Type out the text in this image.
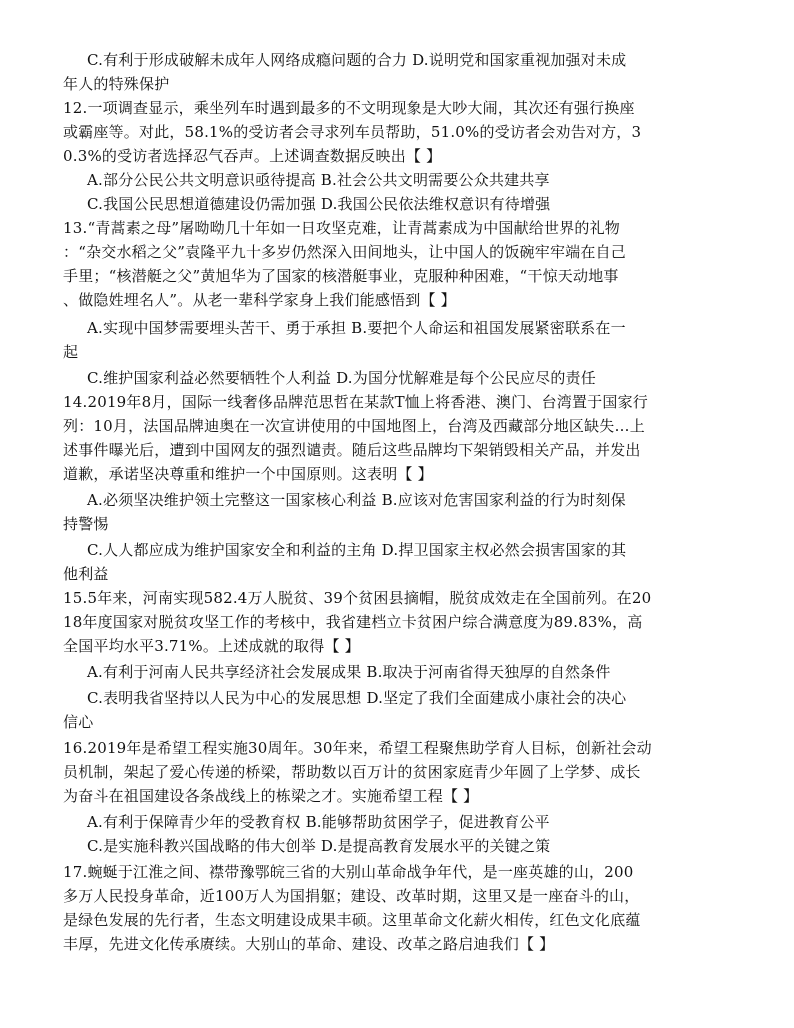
C.有利于形成破解未成年人网络成瘾问题的合力 D.说明党和国家重视加强对未成
年人的特殊保护
12.一项调查显示，乘坐列车时遇到最多的不文明现象是大吵大闹，其次还有强行换座
或霸座等。对此，58.1%的受访者会寻求列车员帮助，51.0%的受访者会劝告对方，3
0.3%的受访者选择忍气吞声。上述调查数据反映出【 】
A.部分公民公共文明意识亟待提高 B.社会公共文明需要公众共建共享
C.我国公民思想道德建设仍需加强 D.我国公民依法维权意识有待增强
13.“青蒿素之母”屠呦呦几十年如一日攻坚克难，让青蒿素成为中国献给世界的礼物
：“杂交水稻之父”袁隆平九十多岁仍然深入田间地头，让中国人的饭碗牢牢端在自己
手里；“核潜艇之父”黄旭华为了国家的核潜艇事业，克服种种困难，“干惊天动地事
、做隐姓埋名人”。从老一辈科学家身上我们能感悟到【 】
A.实现中国梦需要埋头苦干、勇于承担 B.要把个人命运和祖国发展紧密联系在一
起
C.维护国家利益必然要牺牲个人利益 D.为国分忧解难是每个公民应尽的责任
14.2019年8月，国际一线奢侈品牌范思哲在某款T恤上将香港、澳门、台湾置于国家行
列：10月，法国品牌迪奥在一次宣讲使用的中国地图上，台湾及西藏部分地区缺失…上
述事件曝光后，遭到中国网友的强烈谴责。随后这些品牌均下架销毁相关产品，并发出
道歉，承诺坚决尊重和维护一个中国原则。这表明【 】
A.必须坚决维护领土完整这一国家核心利益 B.应该对危害国家利益的行为时刻保
持警惕
C.人人都应成为维护国家安全和利益的主角 D.捍卫国家主权必然会损害国家的其
他利益
15.5年来，河南实现582.4万人脱贫、39个贫困县摘帽，脱贫成效走在全国前列。在20
18年度国家对脱贫攻坚工作的考核中，我省建档立卡贫困户综合满意度为89.83%，高
全国平均水平3.71%。上述成就的取得【 】
A.有利于河南人民共享经济社会发展成果 B.取决于河南省得天独厚的自然条件
C.表明我省坚持以人民为中心的发展思想 D.坚定了我们全面建成小康社会的决心
信心
16.2019年是希望工程实施30周年。30年来，希望工程聚焦助学育人目标，创新社会动
员机制，架起了爱心传递的桥梁，帮助数以百万计的贫困家庭青少年圆了上学梦、成长
为奋斗在祖国建设各条战线上的栋梁之才。实施希望工程【 】
A.有利于保障青少年的受教育权 B.能够帮助贫困学子，促进教育公平
C.是实施科教兴国战略的伟大创举 D.是提高教育发展水平的关键之策
17.蜿蜒于江淮之间、襟带豫鄂皖三省的大别山革命战争年代，是一座英雄的山，200
多万人民投身革命，近100万人为国捐躯；建设、改革时期，这里又是一座奋斗的山，
是绿色发展的先行者，生态文明建设成果丰硕。这里革命文化薪火相传，红色文化底蕴
丰厚，先进文化传承赓续。大别山的革命、建设、改革之路启迪我们【 】
